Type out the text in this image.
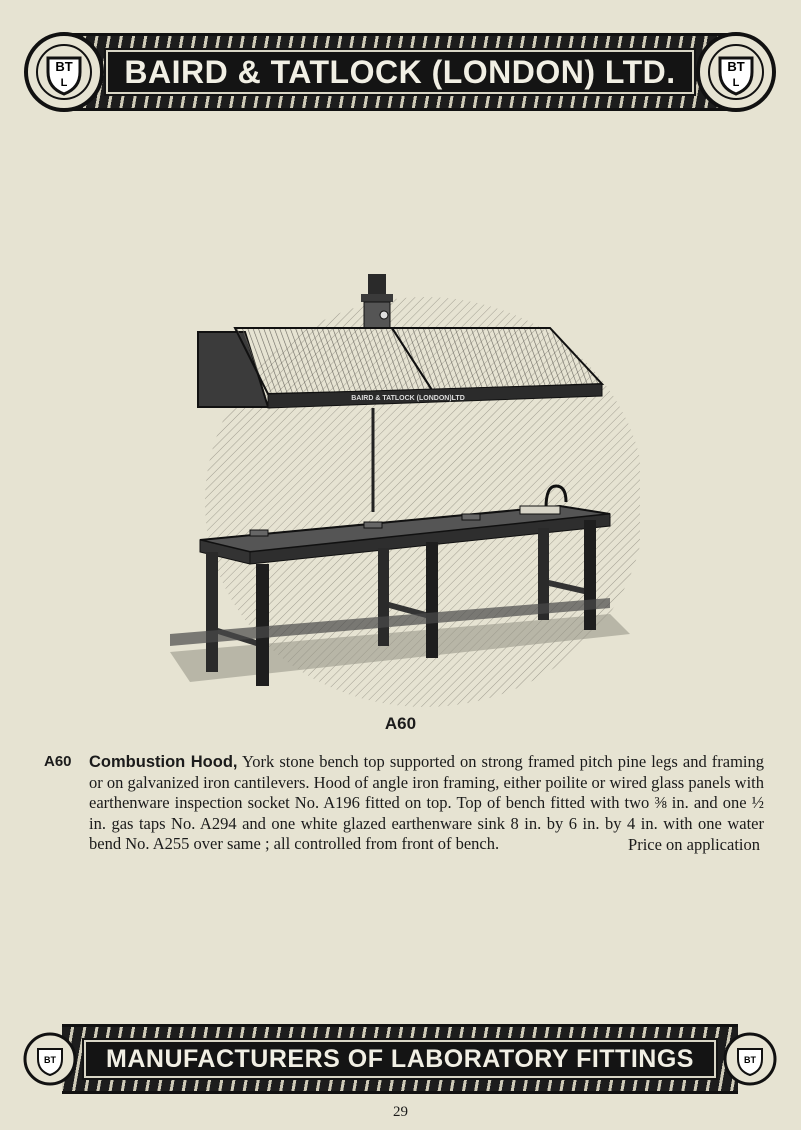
BAIRD & TATLOCK (LONDON) LTD.
BT
L
BT
L
BAIRD & TATLOCK (LONDON)LTD
A60
A60 Combustion Hood, York stone bench top supported on strong framed pitch pine legs and framing or on galvanized iron cantilevers. Hood of angle iron framing, either poilite or wired glass panels with earthenware inspection socket No. A196 fitted on top. Top of bench fitted with two ⅜ in. and one ½ in. gas taps No. A294 and one white glazed earthenware sink 8 in. by 6 in. by 4 in. with one water bend No. A255 over same ; all controlled from front of bench.	Price on application
MANUFACTURERS OF LABORATORY FITTINGS
BT	BT
29
